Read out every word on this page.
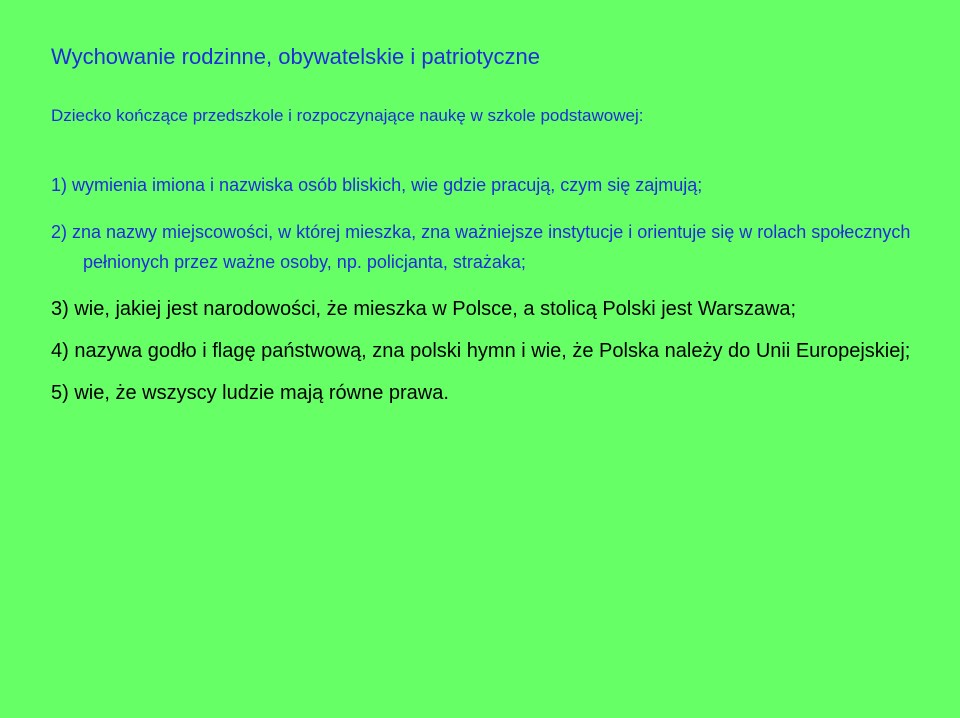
Wychowanie rodzinne, obywatelskie i patriotyczne

Dziecko kończące przedszkole i rozpoczynające naukę w szkole podstawowej:

1) wymienia imiona i nazwiska osób bliskich, wie gdzie pracują, czym się zajmują;
2) zna nazwy miejscowości, w której mieszka, zna ważniejsze instytucje i orientuje się w rolach społecznych pełnionych przez ważne osoby, np. policjanta, strażaka;
3) wie, jakiej jest narodowości, że mieszka w Polsce, a stolicą Polski jest Warszawa;
4) nazywa godło i flagę państwową, zna polski hymn i wie, że Polska należy do Unii Europejskiej;
5) wie, że wszyscy ludzie mają równe prawa.
